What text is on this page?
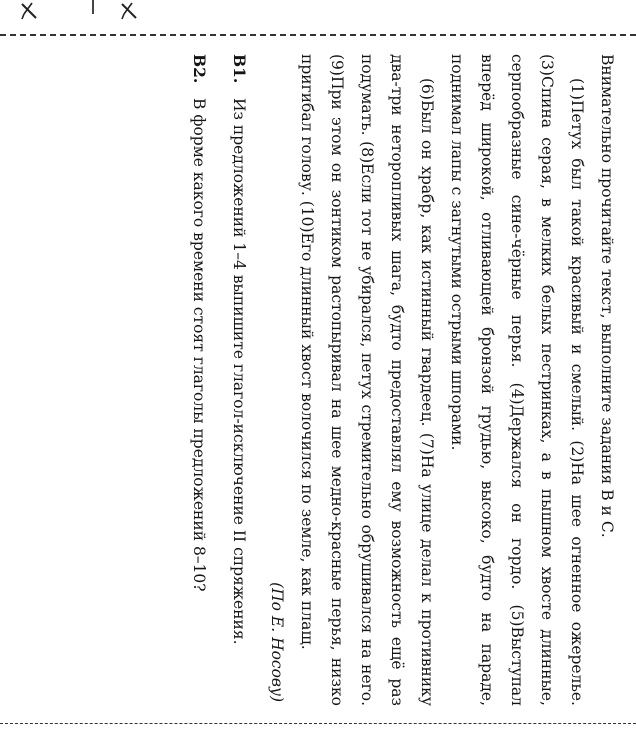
Внимательно прочитайте текст, выполните задания В и С.

(1)Петух был такой красивый и смелый. (2)На шее огненное ожерелье. (3)Спина серая, в мелких белых пестринках, а в пышном хвосте длинные, серпообразные сине-чёрные перья. (4)Держался он гордо. (5)Выступал вперёд широкой, отливающей бронзой грудью, высоко, будто на параде, поднимал лапы с загнутыми острыми шпорами.

(6)Был он храбр, как истинный гвардеец. (7)На улице делал к противнику два-три неторопливых шага, будто предоставлял ему возможность ещё раз подумать. (8)Если тот не убирался, петух стремительно обрушивался на него. (9)При этом он зонтиком растопыривал на шее медно-красные перья, низко пригибал голову. (10)Его длинный хвост волочился по земле, как плащ.

(По Е. Носову)

В1.
Из предложений 1–4 выпишите глагол-исключение II спряжения.
В2.
В форме какого времени стоят глаголы предложений 8–10?
